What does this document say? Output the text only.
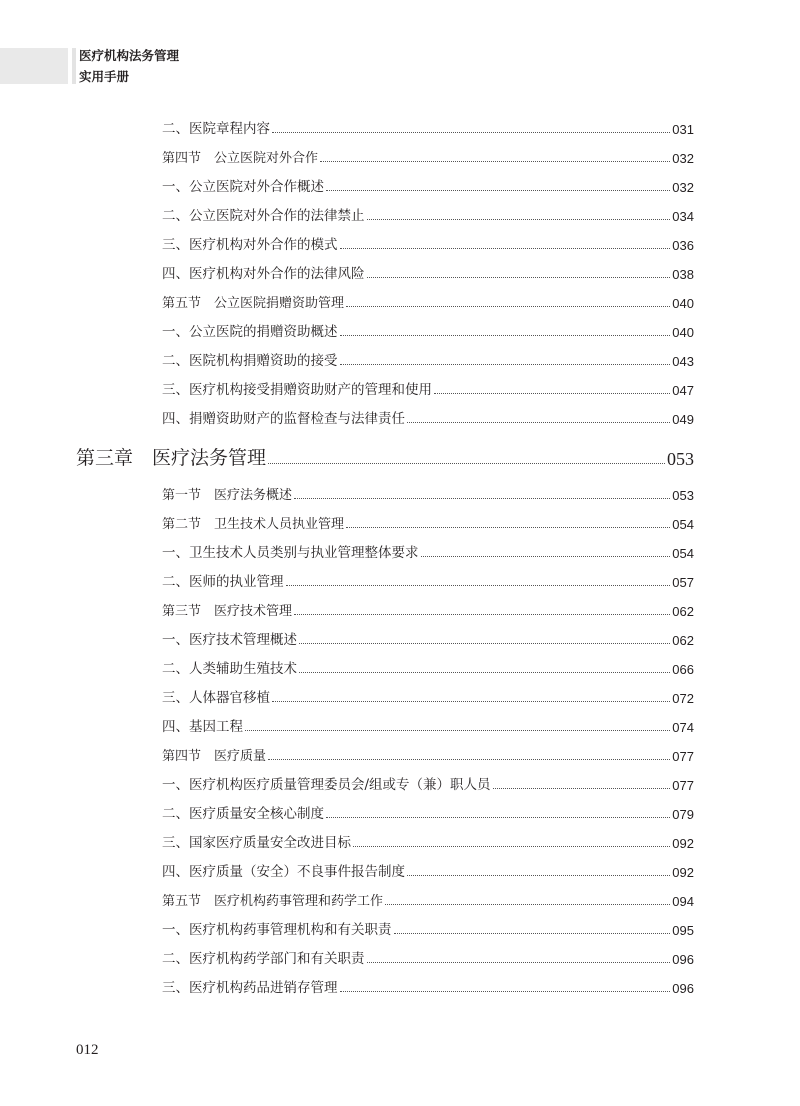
医疗机构法务管理
实用手册
二、医院章程内容	031
第四节　公立医院对外合作	032
一、公立医院对外合作概述	032
二、公立医院对外合作的法律禁止	034
三、医疗机构对外合作的模式	036
四、医疗机构对外合作的法律风险	038
第五节　公立医院捐赠资助管理	040
一、公立医院的捐赠资助概述	040
二、医院机构捐赠资助的接受	043
三、医疗机构接受捐赠资助财产的管理和使用	047
四、捐赠资助财产的监督检查与法律责任	049
第三章　医疗法务管理	053
第一节　医疗法务概述	053
第二节　卫生技术人员执业管理	054
一、卫生技术人员类别与执业管理整体要求	054
二、医师的执业管理	057
第三节　医疗技术管理	062
一、医疗技术管理概述	062
二、人类辅助生殖技术	066
三、人体器官移植	072
四、基因工程	074
第四节　医疗质量	077
一、医疗机构医疗质量管理委员会/组或专（兼）职人员	077
二、医疗质量安全核心制度	079
三、国家医疗质量安全改进目标	092
四、医疗质量（安全）不良事件报告制度	092
第五节　医疗机构药事管理和药学工作	094
一、医疗机构药事管理机构和有关职责	095
二、医疗机构药学部门和有关职责	096
三、医疗机构药品进销存管理	096
012
